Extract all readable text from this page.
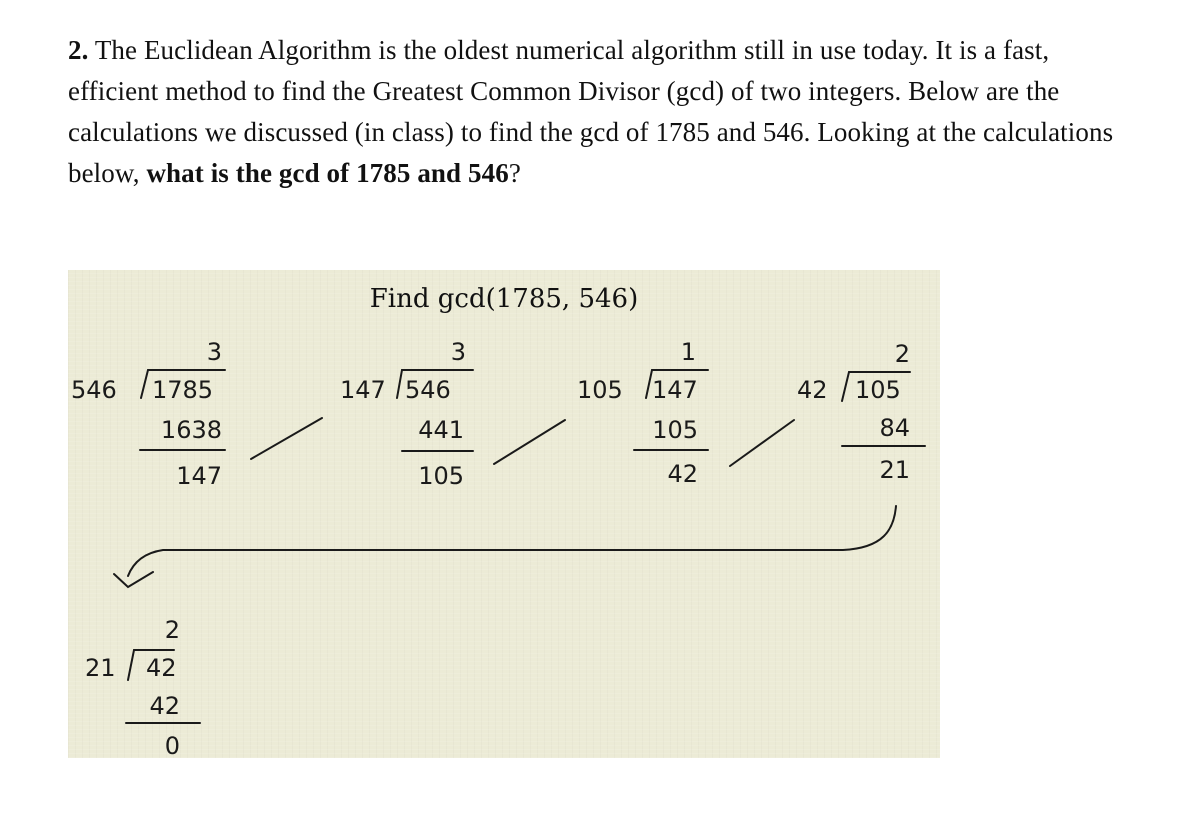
2. The Euclidean Algorithm is the oldest numerical algorithm still in use today. It is a fast, efficient method to find the Greatest Common Divisor (gcd) of two integers. Below are the calculations we discussed (in class) to find the gcd of 1785 and 546. Looking at the calculations below, what is the gcd of 1785 and 546?
Find gcd(1785, 546)
3
546 1785
1638
147
3
147 546
441
105
1
105 147
105
42
2
42 105
84
21
2
21 42
42
0
